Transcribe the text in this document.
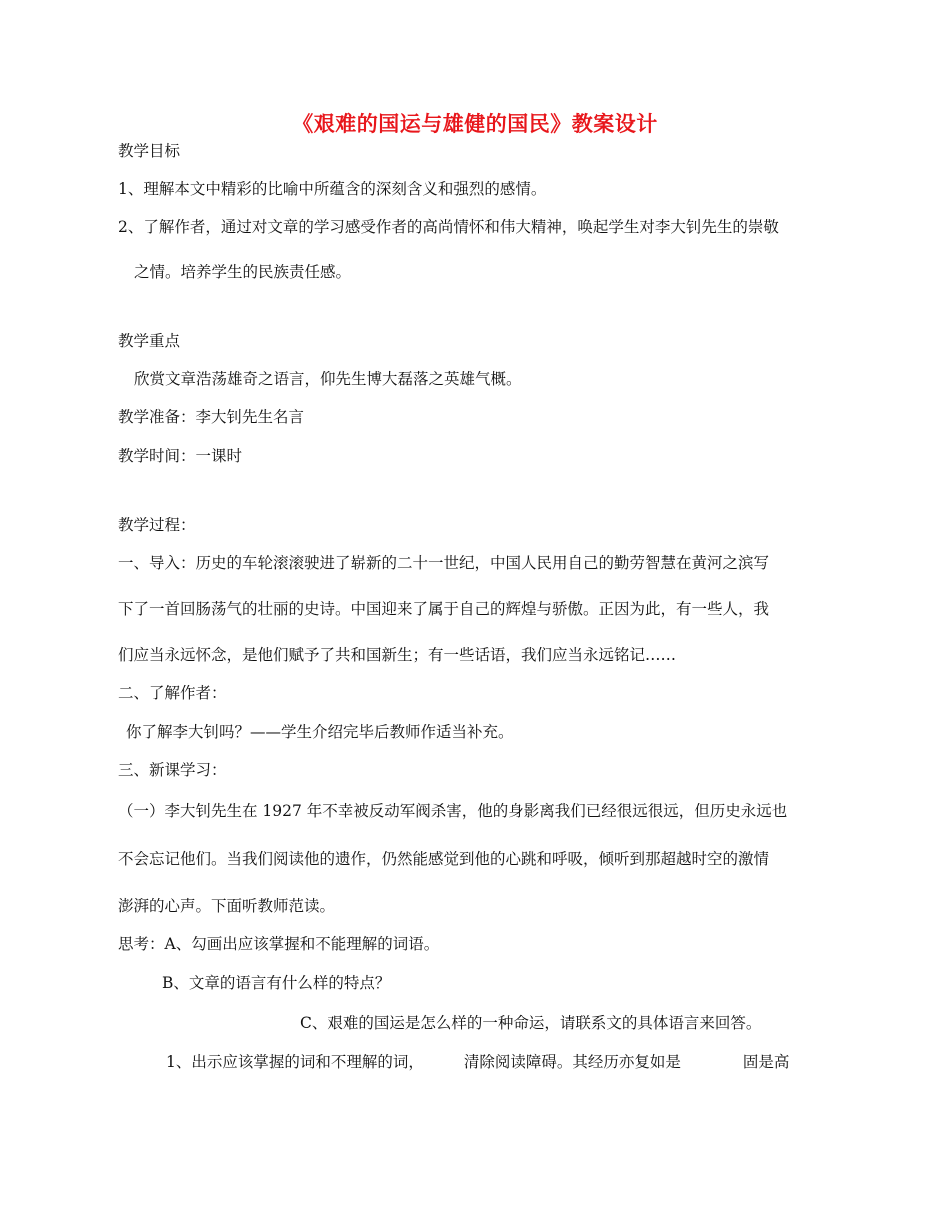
《艰难的国运与雄健的国民》教案设计
教学目标
1、理解本文中精彩的比喻中所蕴含的深刻含义和强烈的感情。
2、了解作者，通过对文章的学习感受作者的高尚情怀和伟大精神，唤起学生对李大钊先生的崇敬
之情。培养学生的民族责任感。
教学重点
欣赏文章浩荡雄奇之语言，仰先生博大磊落之英雄气概。
教学准备：李大钊先生名言
教学时间：一课时
教学过程：
一、导入：历史的车轮滚滚驶进了崭新的二十一世纪，中国人民用自己的勤劳智慧在黄河之滨写
下了一首回肠荡气的壮丽的史诗。中国迎来了属于自己的辉煌与骄傲。正因为此，有一些人，我
们应当永远怀念，是他们赋予了共和国新生；有一些话语，我们应当永远铭记……
二、了解作者：
你了解李大钊吗？——学生介绍完毕后教师作适当补充。
三、新课学习：
（一）李大钊先生在 1927 年不幸被反动军阀杀害，他的身影离我们已经很远很远，但历史永远也
不会忘记他们。当我们阅读他的遗作，仍然能感觉到他的心跳和呼吸，倾听到那超越时空的激情
澎湃的心声。下面听教师范读。
思考：A、勾画出应该掌握和不能理解的词语。
B、文章的语言有什么样的特点？
C、艰难的国运是怎么样的一种命运，请联系文的具体语言来回答。
1、出示应该掌握的词和不理解的词，	清除阅读障碍。其经历亦复如是	固是高
